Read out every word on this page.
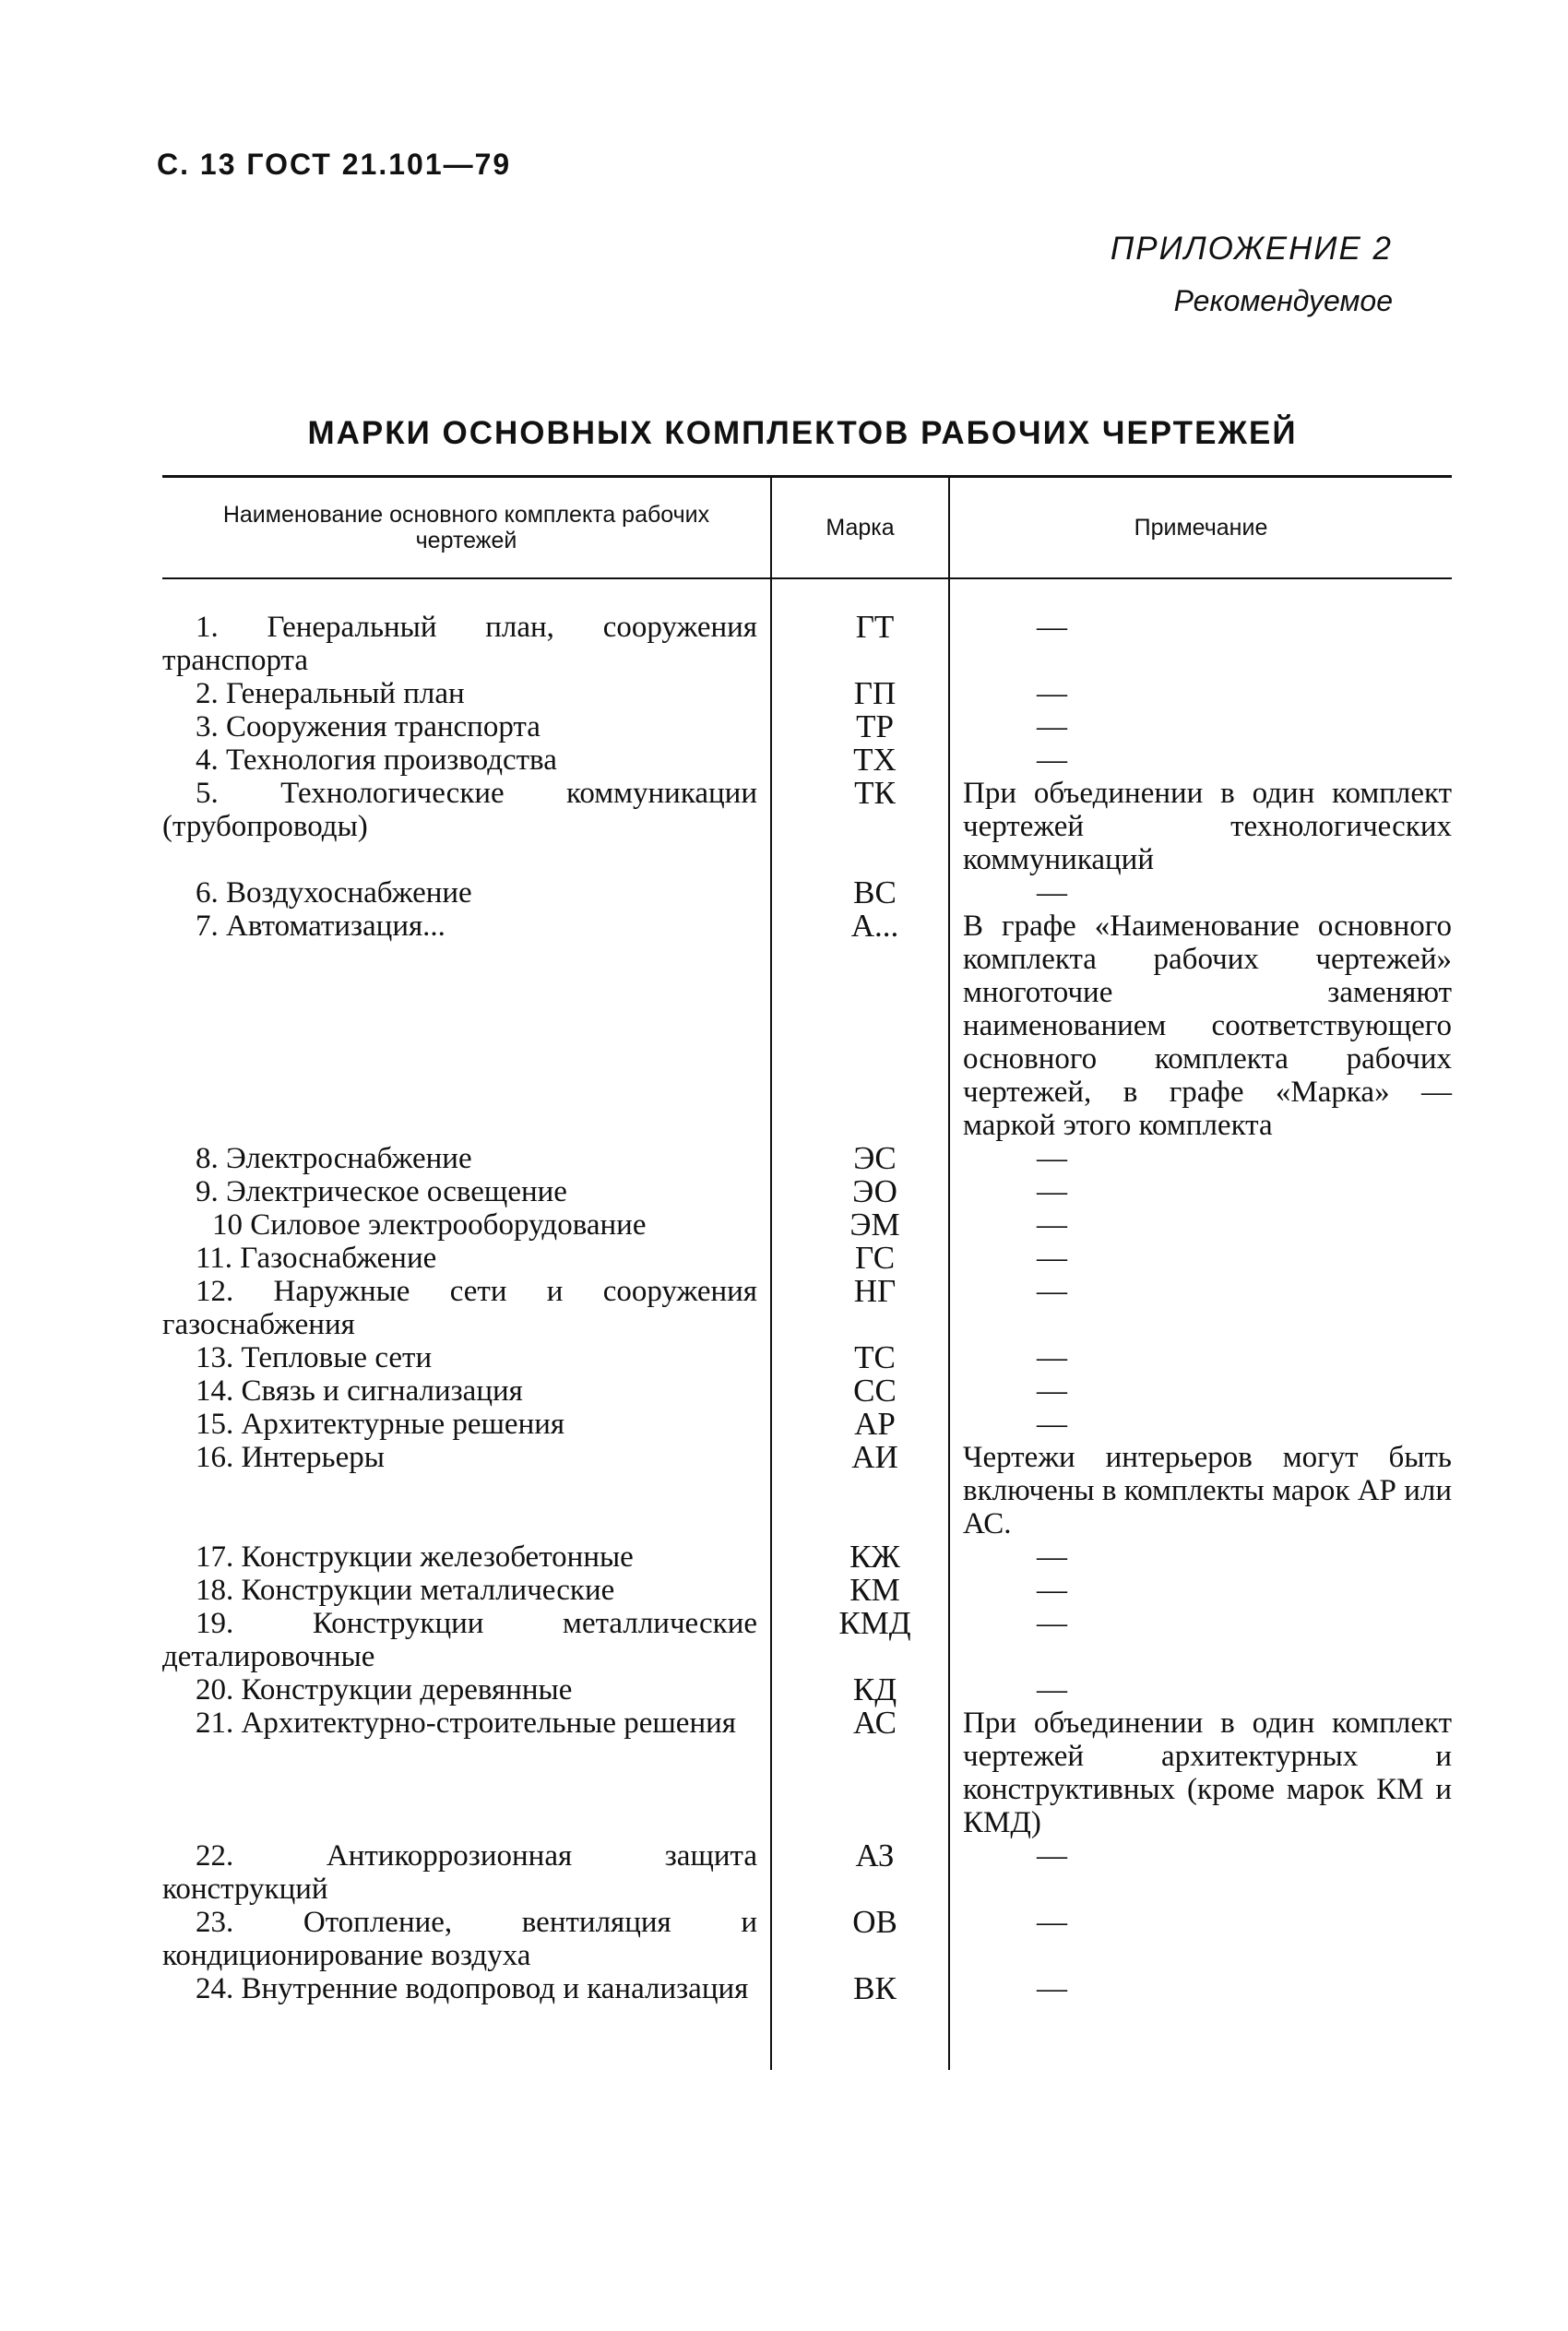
С. 13 ГОСТ 21.101—79
ПРИЛОЖЕНИЕ 2
Рекомендуемое
МАРКИ ОСНОВНЫХ КОМПЛЕКТОВ РАБОЧИХ ЧЕРТЕЖЕЙ
Наименование основного комплекта рабочих чертежей	Марка	Примечание

1. Генеральный план, сооружения транспорта	ГТ	—
2. Генеральный план	ГП	—
3. Сооружения транспорта	ТР	—
4. Технология производства	ТХ	—
5. Технологические коммуникации (трубопроводы)	ТК	При объединении в один комплект чертежей технологических коммуникаций
6. Воздухоснабжение	ВС	—
7. Автоматизация...	А...	В графе «Наименование основного комплекта рабочих чертежей» многоточие заменяют наименованием соответствующего основного комплекта рабочих чертежей, в графе «Марка» — маркой этого комплекта
8. Электроснабжение	ЭС	—
9. Электрическое освещение	ЭО	—
10 Силовое электрооборудование	ЭМ	—
11. Газоснабжение	ГС	—
12. Наружные сети и сооружения газоснабжения	НГ	—
13. Тепловые сети	ТС	—
14. Связь и сигнализация	СС	—
15. Архитектурные решения	АР	—
16. Интерьеры	АИ	Чертежи интерьеров могут быть включены в комплекты марок АР или АС.
17. Конструкции железобетонные	КЖ	—
18. Конструкции металлические	КМ	—
19. Конструкции металлические деталировочные	КМД	—
20. Конструкции деревянные	КД	—
21. Архитектурно-строительные решения	АС	При объединении в один комплект чертежей архитектурных и конструктивных (кроме марок КМ и КМД)
22. Антикоррозионная защита конструкций	АЗ	—
23. Отопление, вентиляция и кондиционирование воздуха	ОВ	—
24. Внутренние водопровод и канализация	ВК	—
